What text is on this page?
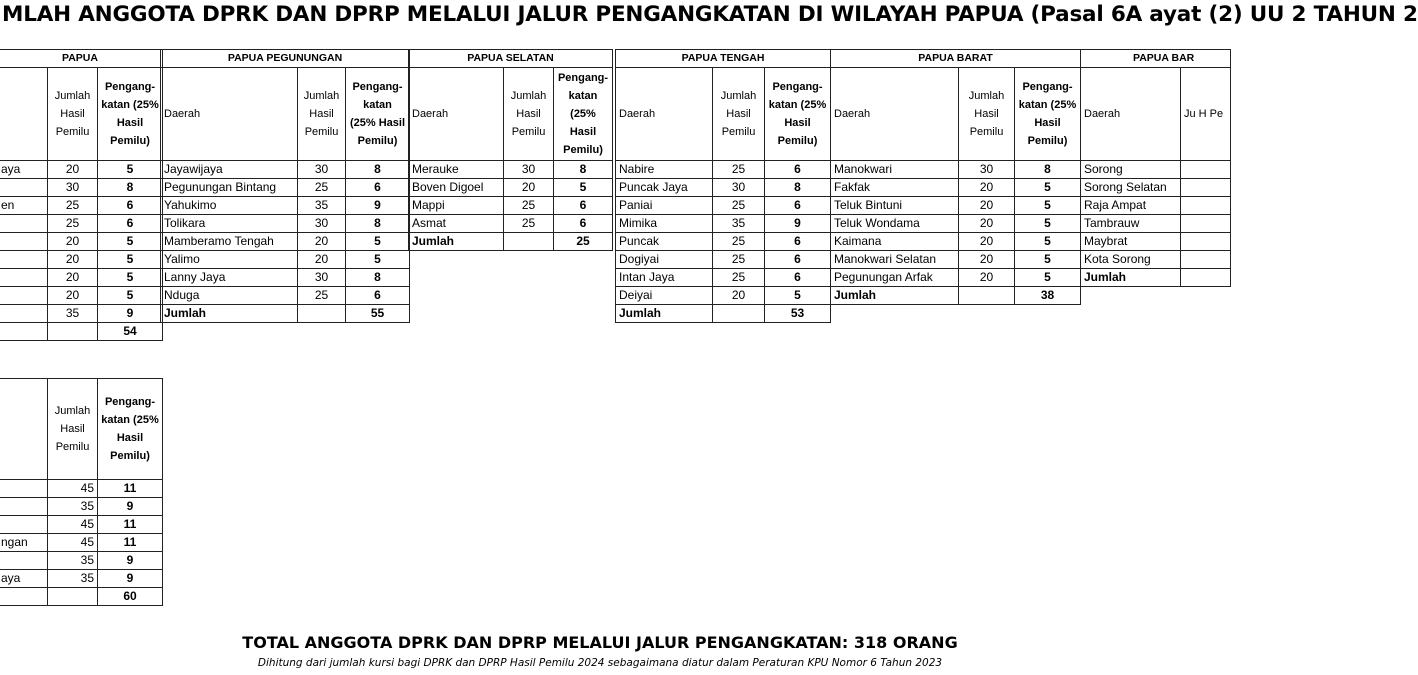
MLAH ANGGOTA DPRK DAN DPRP MELALUI JALUR PENGANGKATAN DI WILAYAH PAPUA (Pasal 6A ayat (2) UU 2 TAHUN 2
PAPUA		
	Jumlah Hasil Pemilu	Pengang-katan (25% Hasil Pemilu)
aya	20	5
	30	8
en	25	6
	25	6
	20	5
	20	5
	20	5
	20	5
	35	9
		54
PAPUA PEGUNUNGAN		
Daerah	Jumlah Hasil Pemilu	Pengang-katan (25% Hasil Pemilu)
Jayawijaya	30	8
Pegunungan Bintang	25	6
Yahukimo	35	9
Tolikara	30	8
Mamberamo Tengah	20	5
Yalimo	20	5
Lanny Jaya	30	8
Nduga	25	6
Jumlah		55
PAPUA SELATAN		
Daerah	Jumlah Hasil Pemilu	Pengang-katan (25% Hasil Pemilu)
Merauke	30	8
Boven Digoel	20	5
Mappi	25	6
Asmat	25	6
Jumlah		25
PAPUA TENGAH		
Daerah	Jumlah Hasil Pemilu	Pengang-katan (25% Hasil Pemilu)
Nabire	25	6
Puncak Jaya	30	8
Paniai	25	6
Mimika	35	9
Puncak	25	6
Dogiyai	25	6
Intan Jaya	25	6
Deiyai	20	5
Jumlah		53
PAPUA BARAT		
Daerah	Jumlah Hasil Pemilu	Pengang-katan (25% Hasil Pemilu)
Manokwari	30	8
Fakfak	20	5
Teluk Bintuni	20	5
Teluk Wondama	20	5
Kaimana	20	5
Manokwari Selatan	20	5
Pegunungan Arfak	20	5
Jumlah		38
PAPUA BAR	
Daerah	Ju H Pe
Sorong	
Sorong Selatan	
Raja Ampat	
Tambrauw	
Maybrat	
Kota Sorong	
Jumlah	
	Jumlah Hasil Pemilu	Pengang-katan (25% Hasil Pemilu)
	45	11
	35	9
	45	11
ngan	45	11
	35	9
aya	35	9
		60
TOTAL ANGGOTA DPRK DAN DPRP MELALUI JALUR PENGANGKATAN: 318 ORANG
Dihitung dari jumlah kursi bagi DPRK dan DPRP Hasil Pemilu 2024 sebagaimana diatur dalam Peraturan KPU Nomor 6 Tahun 2023
